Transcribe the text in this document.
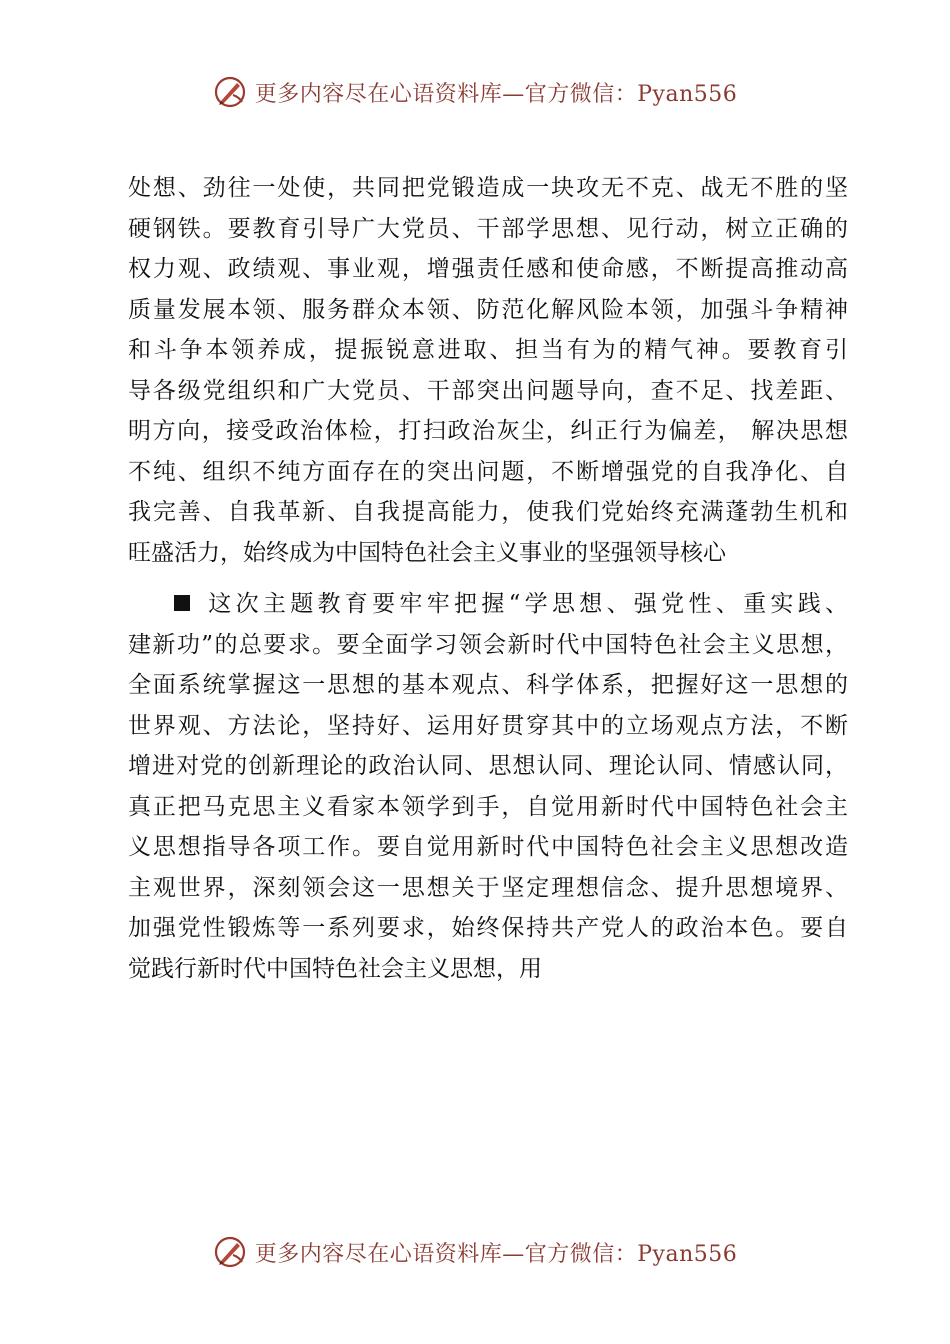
更多内容尽在心语资料库—官方微信：Pyan556

处想、劲往一处使，共同把党锻造成一块攻无不克、战无不胜的坚
硬钢铁。要教育引导广大党员、干部学思想、见行动，树立正确的
权力观、政绩观、事业观，增强责任感和使命感，不断提高推动高
质量发展本领、服务群众本领、防范化解风险本领，加强斗争精神
和斗争本领养成，提振锐意进取、担当有为的精气神。要教育引
导各级党组织和广大党员、干部突出问题导向，查不足、找差距、
明方向，接受政治体检，打扫政治灰尘，纠正行为偏差， 解决思想
不纯、组织不纯方面存在的突出问题，不断增强党的自我净化、自
我完善、自我革新、自我提高能力，使我们党始终充满蓬勃生机和
旺盛活力，始终成为中国特色社会主义事业的坚强领导核心

这次主题教育要牢牢把握“学思想、强党性、重实践、
建新功”的总要求。要全面学习领会新时代中国特色社会主义思想，
全面系统掌握这一思想的基本观点、科学体系，把握好这一思想的
世界观、方法论，坚持好、运用好贯穿其中的立场观点方法，不断
增进对党的创新理论的政治认同、思想认同、理论认同、情感认同，
真正把马克思主义看家本领学到手，自觉用新时代中国特色社会主
义思想指导各项工作。要自觉用新时代中国特色社会主义思想改造
主观世界，深刻领会这一思想关于坚定理想信念、提升思想境界、
加强党性锻炼等一系列要求，始终保持共产党人的政治本色。要自
觉践行新时代中国特色社会主义思想，用

更多内容尽在心语资料库—官方微信：Pyan556
